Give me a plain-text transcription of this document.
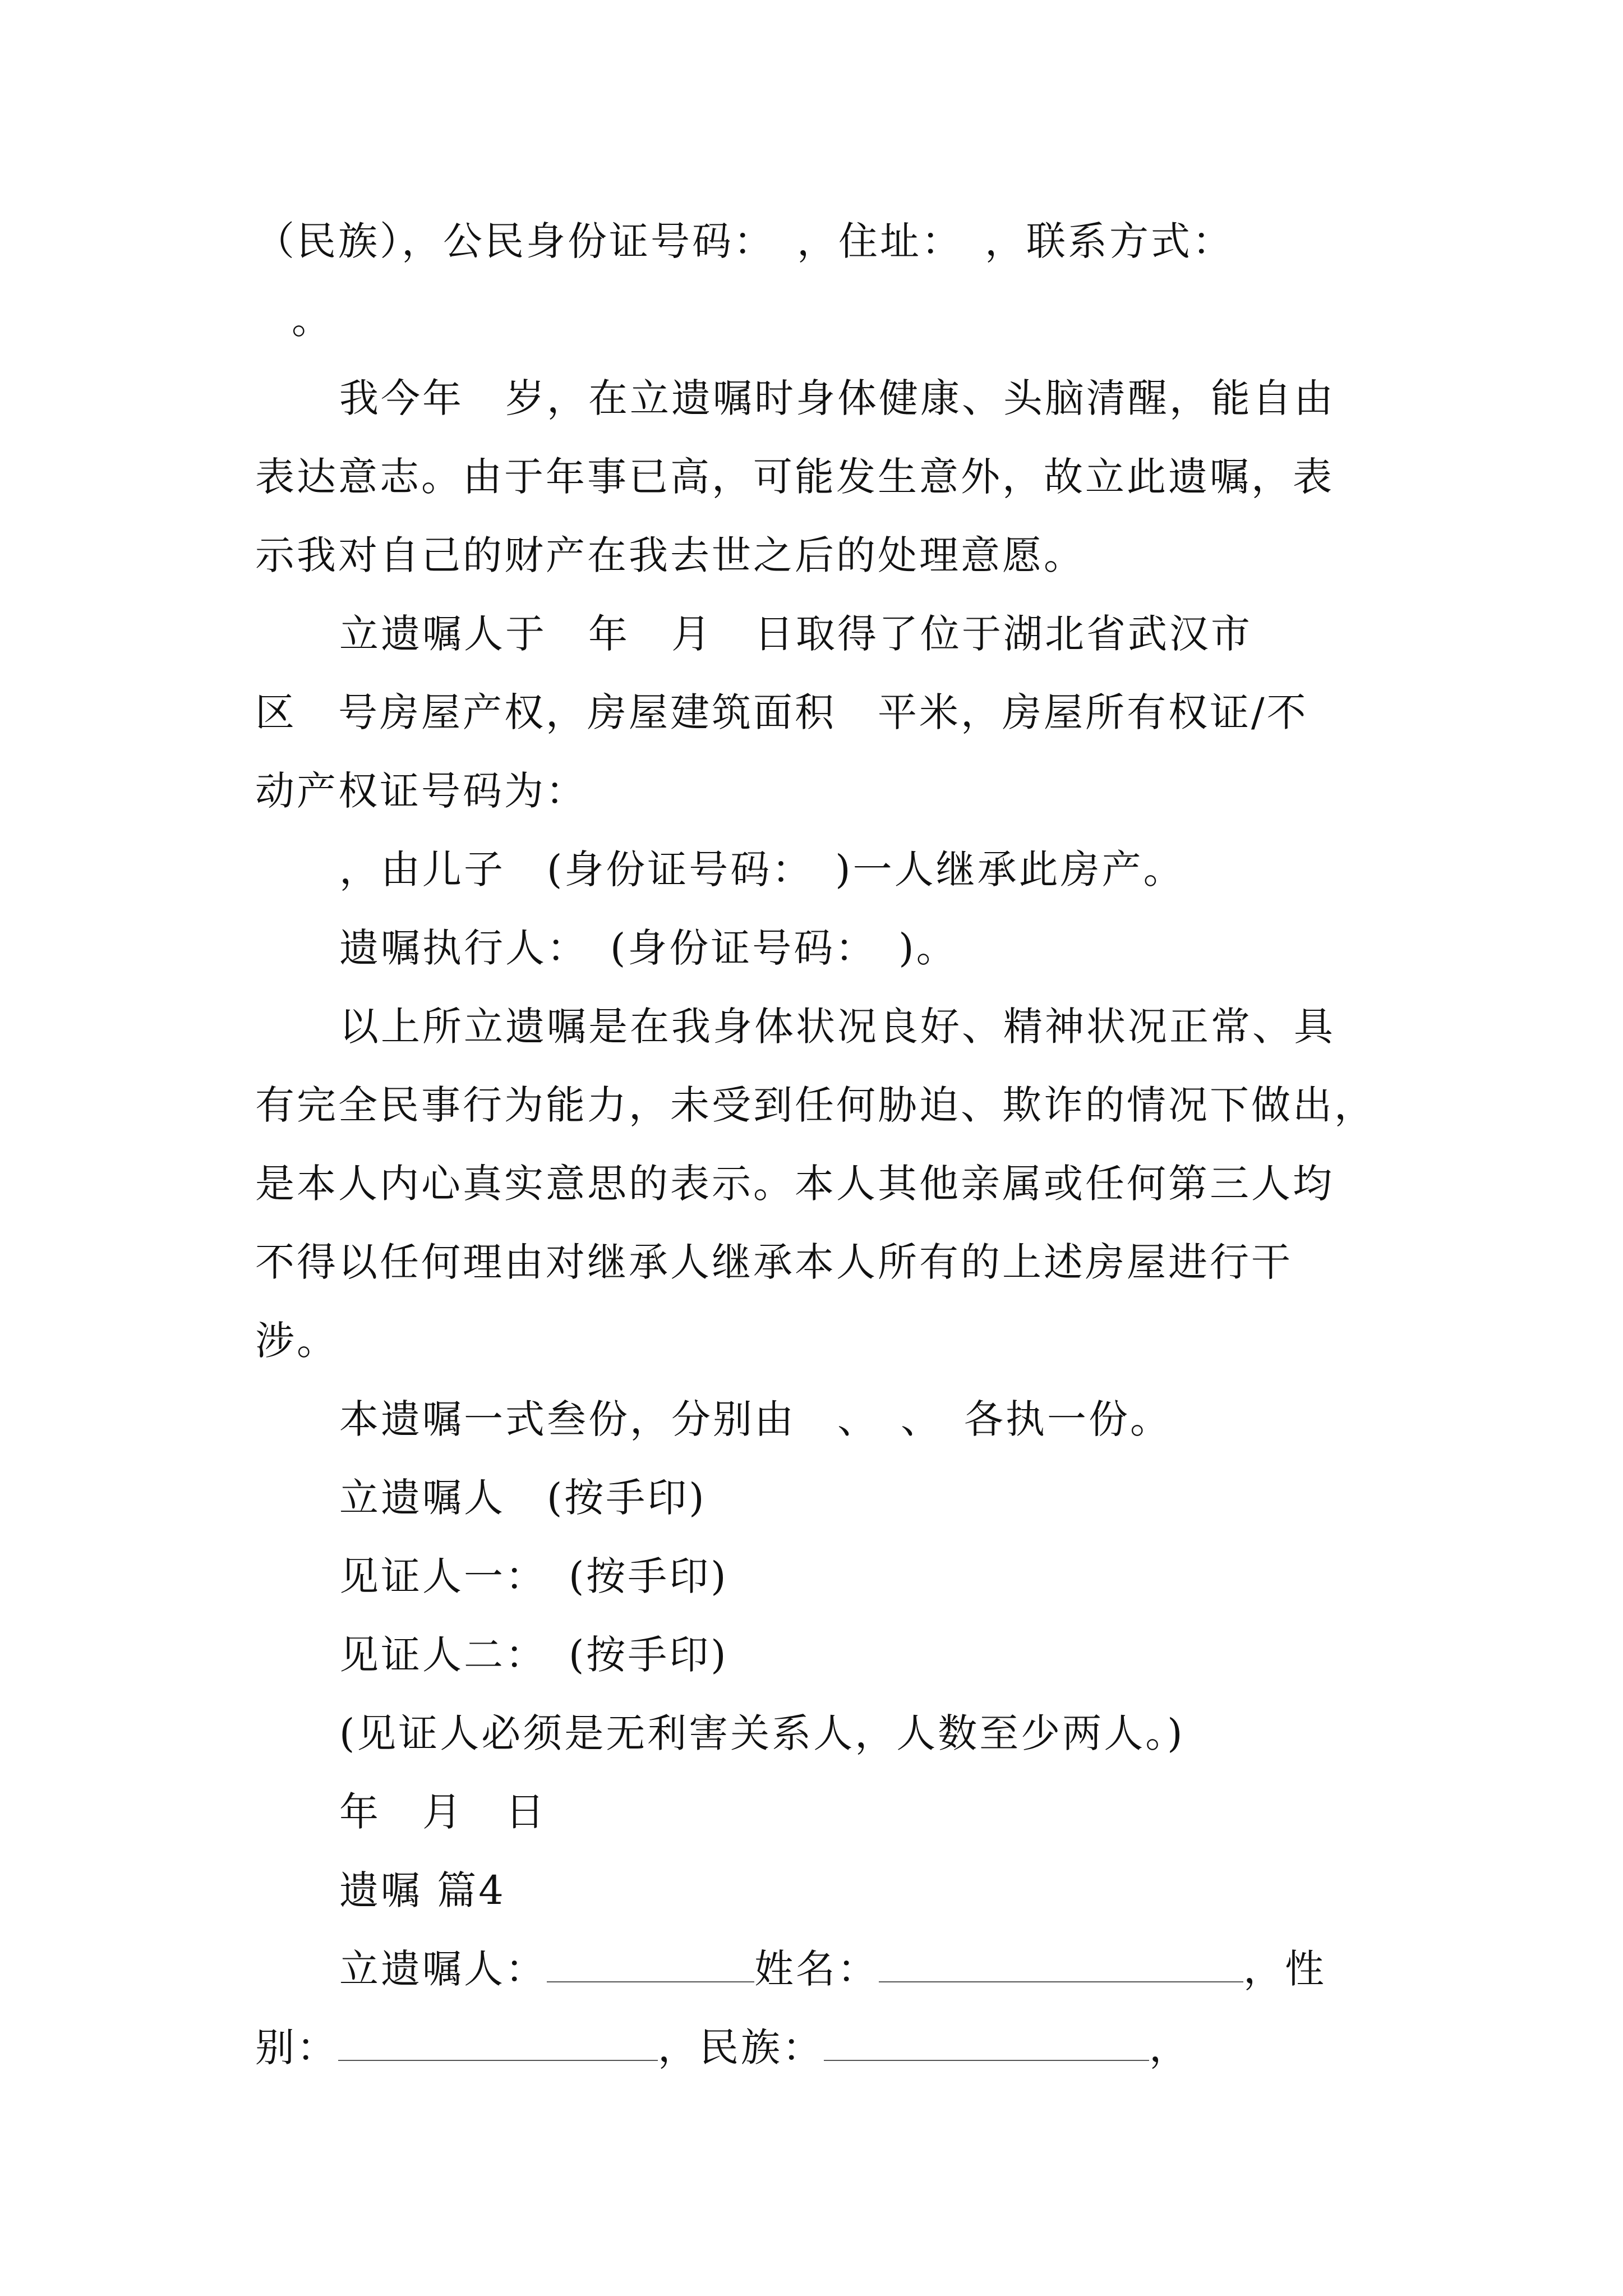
（民族），公民身份证号码：　，住址：　，联系方式：
。
我今年　岁，在立遗嘱时身体健康、头脑清醒，能自由
表达意志。由于年事已高，可能发生意外，故立此遗嘱，表
示我对自己的财产在我去世之后的处理意愿。
立遗嘱人于　年　月　日取得了位于湖北省武汉市
区　号房屋产权，房屋建筑面积　平米，房屋所有权证/不
动产权证号码为：
，由儿子　(身份证号码：　)一人继承此房产。
遗嘱执行人：　(身份证号码：　)。
以上所立遗嘱是在我身体状况良好、精神状况正常、具
有完全民事行为能力，未受到任何胁迫、欺诈的情况下做出，
是本人内心真实意思的表示。本人其他亲属或任何第三人均
不得以任何理由对继承人继承本人所有的上述房屋进行干
涉。
本遗嘱一式叁份，分别由　、　、　各执一份。
立遗嘱人　(按手印)
见证人一：　(按手印)
见证人二：　(按手印)
(见证人必须是无利害关系人，人数至少两人。)
年　月　日
遗嘱 篇4
立遗嘱人：	姓名：	，性
别：	，民族：	，
